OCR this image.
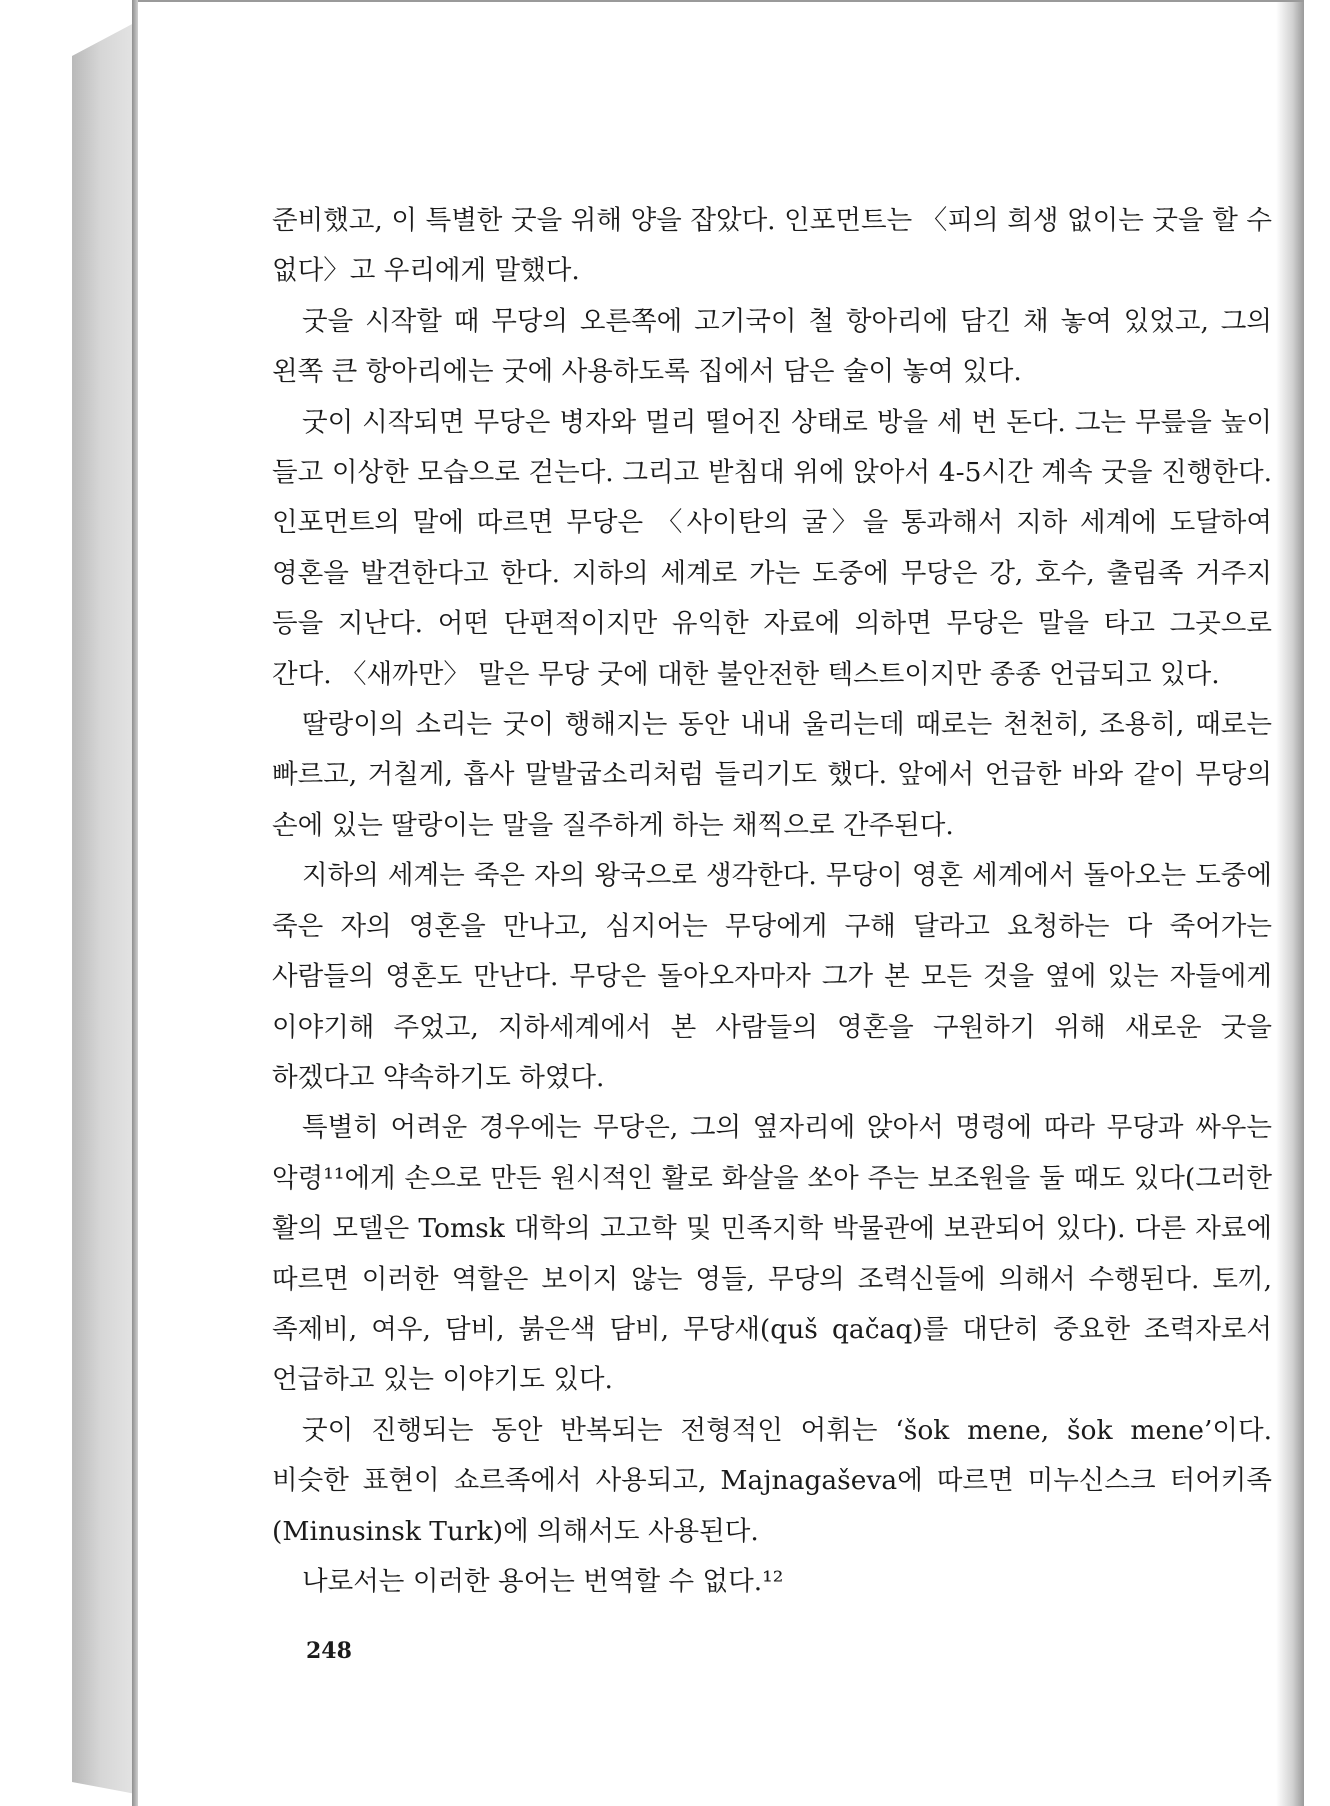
준비했고, 이 특별한 굿을 위해 양을 잡았다. 인포먼트는 〈피의 희생 없이는 굿을 할 수 없다〉고 우리에게 말했다.

굿을 시작할 때 무당의 오른쪽에 고기국이 철 항아리에 담긴 채 놓여 있었고, 그의 왼쪽 큰 항아리에는 굿에 사용하도록 집에서 담은 술이 놓여 있다.

굿이 시작되면 무당은 병자와 멀리 떨어진 상태로 방을 세 번 돈다. 그는 무릎을 높이 들고 이상한 모습으로 걷는다. 그리고 받침대 위에 앉아서 4-5시간 계속 굿을 진행한다. 인포먼트의 말에 따르면 무당은 〈사이탄의 굴〉을 통과해서 지하 세계에 도달하여 영혼을 발견한다고 한다. 지하의 세계로 가는 도중에 무당은 강, 호수, 출림족 거주지 등을 지난다. 어떤 단편적이지만 유익한 자료에 의하면 무당은 말을 타고 그곳으로 간다. 〈새까만〉 말은 무당 굿에 대한 불안전한 텍스트이지만 종종 언급되고 있다.

딸랑이의 소리는 굿이 행해지는 동안 내내 울리는데 때로는 천천히, 조용히, 때로는 빠르고, 거칠게, 흡사 말발굽소리처럼 들리기도 했다. 앞에서 언급한 바와 같이 무당의 손에 있는 딸랑이는 말을 질주하게 하는 채찍으로 간주된다.

지하의 세계는 죽은 자의 왕국으로 생각한다. 무당이 영혼 세계에서 돌아오는 도중에 죽은 자의 영혼을 만나고, 심지어는 무당에게 구해 달라고 요청하는 다 죽어가는 사람들의 영혼도 만난다. 무당은 돌아오자마자 그가 본 모든 것을 옆에 있는 자들에게 이야기해 주었고, 지하세계에서 본 사람들의 영혼을 구원하기 위해 새로운 굿을 하겠다고 약속하기도 하였다.

특별히 어려운 경우에는 무당은, 그의 옆자리에 앉아서 명령에 따라 무당과 싸우는 악령¹¹에게 손으로 만든 원시적인 활로 화살을 쏘아 주는 보조원을 둘 때도 있다(그러한 활의 모델은 Tomsk 대학의 고고학 및 민족지학 박물관에 보관되어 있다). 다른 자료에 따르면 이러한 역할은 보이지 않는 영들, 무당의 조력신들에 의해서 수행된다. 토끼, 족제비, 여우, 담비, 붉은색 담비, 무당새(quš qačaq)를 대단히 중요한 조력자로서 언급하고 있는 이야기도 있다.

굿이 진행되는 동안 반복되는 전형적인 어휘는 ‘šok mene, šok mene’이다. 비슷한 표현이 쇼르족에서 사용되고, Majnagaševa에 따르면 미누신스크 터어키족(Minusinsk Turk)에 의해서도 사용된다.

나로서는 이러한 용어는 번역할 수 없다.¹²

248
